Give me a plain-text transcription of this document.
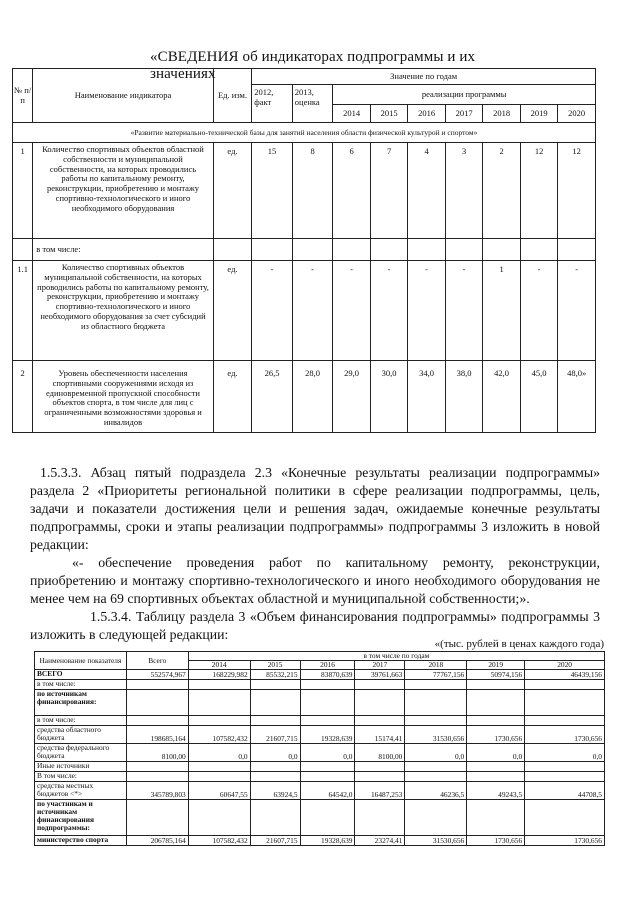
«СВЕДЕНИЯ об индикаторах подпрограммы и их значениях
№ п/п	Наименование индикатора	Ед. изм.	Значение по годам								
			2012, факт	2013, оценка	реализации программы						
					2014	2015	2016	2017	2018	2019	2020
«Развитие материально-технической базы для занятий населения области физической культурой и спортом»											
1	Количество спортивных объектов областной собственности и муниципальной собственности, на которых проводились работы по капитальному ремонту, реконструкции, приобретению и монтажу спортивно-технологического и иного необходимого оборудования	ед.	15	8	6	7	4	3	2	12	12
	в том числе:										
1.1	Количество спортивных объектов муниципальной собственности, на которых проводились работы по капитальному ремонту, реконструкции, приобретению и монтажу спортивно-технологического и иного необходимого оборудования за счет субсидий из областного бюджета	ед.	-	-	-	-	-	-	1	-	-
2	Уровень обеспеченности населения спортивными сооружениями исходя из единовременной пропускной способности объектов спорта, в том числе для лиц с ограниченными возможностями здоровья и инвалидов	ед.	26,5	28,0	29,0	30,0	34,0	38,0	42,0	45,0	48,0»
1.5.3.3. Абзац пятый подраздела 2.3 «Конечные результаты реализации подпрограммы» раздела 2 «Приоритеты региональной политики в сфере реализации подпрограммы, цель, задачи и показатели достижения цели и решения задач, ожидаемые конечные результаты подпрограммы, сроки и этапы реализации подпрограммы» подпрограммы 3 изложить в новой редакции:
«- обеспечение проведения работ по капитальному ремонту, реконструкции, приобретению и монтажу спортивно-технологического и иного необходимого оборудования не менее чем на 69 спортивных объектах областной и муниципальной собственности;».
1.5.3.4. Таблицу раздела 3 «Объем финансирования подпрограммы» подпрограммы 3 изложить в следующей редакции:
«(тыс. рублей в ценах каждого года)
Наименование показателя	Всего	в том числе по годам						
		2014	2015	2016	2017	2018	2019	2020
ВСЕГО	552574,967	168229,982	85532,215	83870,639	39761,663	77767,156	50974,156	46439,156
в том числе:								
по источникам финансирования:								
в том числе:								
средства областного бюджета	198685,164	107582,432	21607,715	19328,639	15174,41	31530,656	1730,656	1730,656
средства федерального бюджета	8100,00	0,0	0,0	0,0	8100,00	0,0	0,0	0,0
Иные источники								
В том числе:								
средства местных бюджетов <*>	345789,803	60647,55	63924,5	64542,0	16487,253	46236,5	49243,5	44708,5
по участникам и источникам финансирования подпрограммы:								
министерство спорта	206785,164	107582,432	21607,715	19328,639	23274,41	31530,656	1730,656	1730,656
